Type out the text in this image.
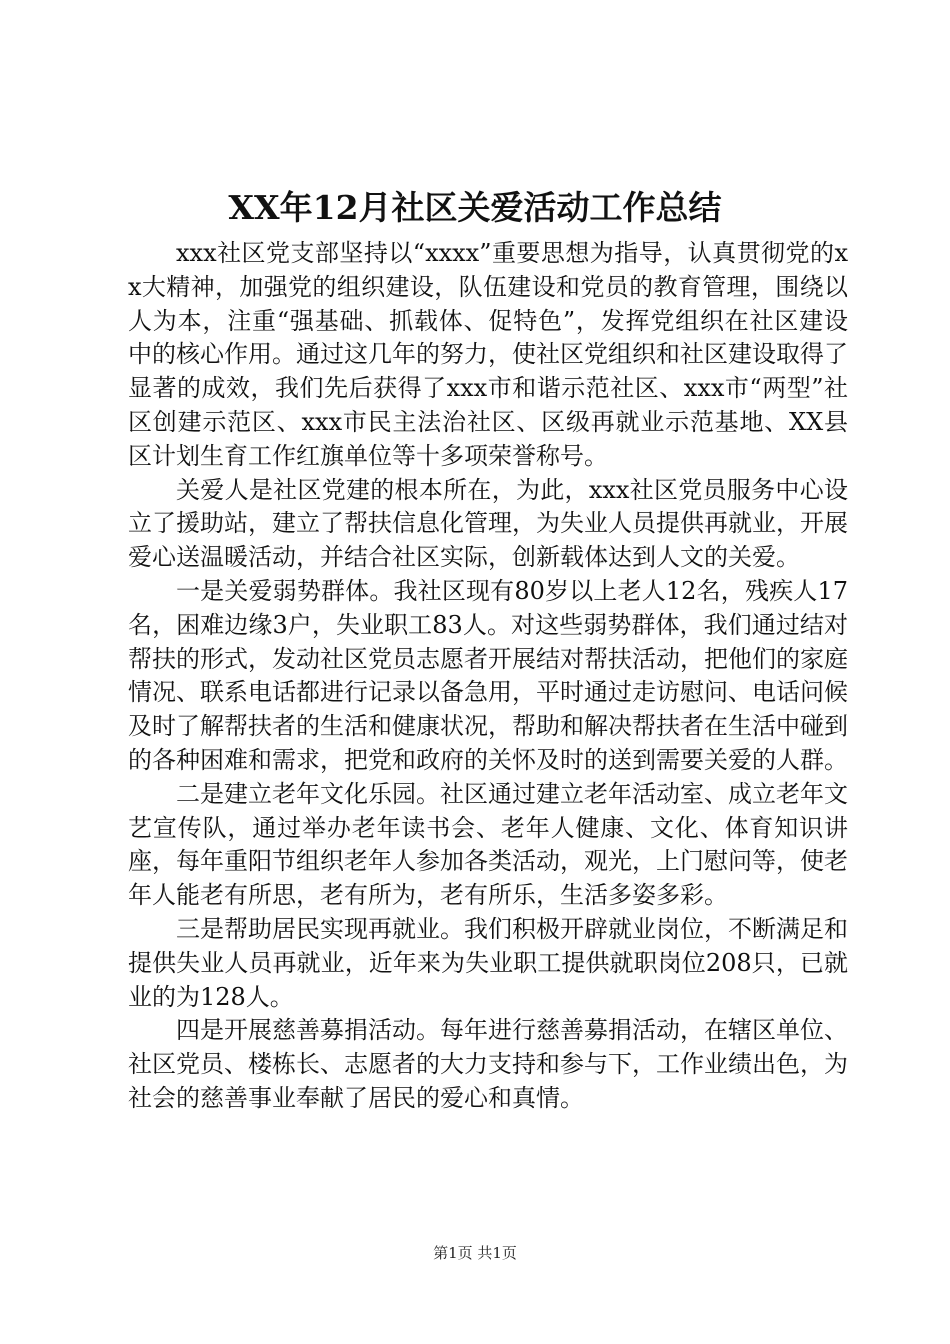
XX年12月社区关爱活动工作总结

xxx社区党支部坚持以“xxxx”重要思想为指导，认真贯彻党的xx大精神，加强党的组织建设，队伍建设和党员的教育管理，围绕以人为本，注重“强基础、抓载体、促特色”，发挥党组织在社区建设中的核心作用。通过这几年的努力，使社区党组织和社区建设取得了显著的成效，我们先后获得了xxx市和谐示范社区、xxx市“两型”社区创建示范区、xxx市民主法治社区、区级再就业示范基地、XX县区计划生育工作红旗单位等十多项荣誉称号。

关爱人是社区党建的根本所在，为此，xxx社区党员服务中心设立了援助站，建立了帮扶信息化管理，为失业人员提供再就业，开展爱心送温暖活动，并结合社区实际，创新载体达到人文的关爱。

一是关爱弱势群体。我社区现有80岁以上老人12名，残疾人17名，困难边缘3户，失业职工83人。对这些弱势群体，我们通过结对帮扶的形式，发动社区党员志愿者开展结对帮扶活动，把他们的家庭情况、联系电话都进行记录以备急用，平时通过走访慰问、电话问候及时了解帮扶者的生活和健康状况，帮助和解决帮扶者在生活中碰到的各种困难和需求，把党和政府的关怀及时的送到需要关爱的人群。

二是建立老年文化乐园。社区通过建立老年活动室、成立老年文艺宣传队，通过举办老年读书会、老年人健康、文化、体育知识讲座，每年重阳节组织老年人参加各类活动，观光，上门慰问等，使老年人能老有所思，老有所为，老有所乐，生活多姿多彩。

三是帮助居民实现再就业。我们积极开辟就业岗位，不断满足和提供失业人员再就业，近年来为失业职工提供就职岗位208只，已就业的为128人。

四是开展慈善募捐活动。每年进行慈善募捐活动，在辖区单位、社区党员、楼栋长、志愿者的大力支持和参与下，工作业绩出色，为社会的慈善事业奉献了居民的爱心和真情。

第1页 共1页
